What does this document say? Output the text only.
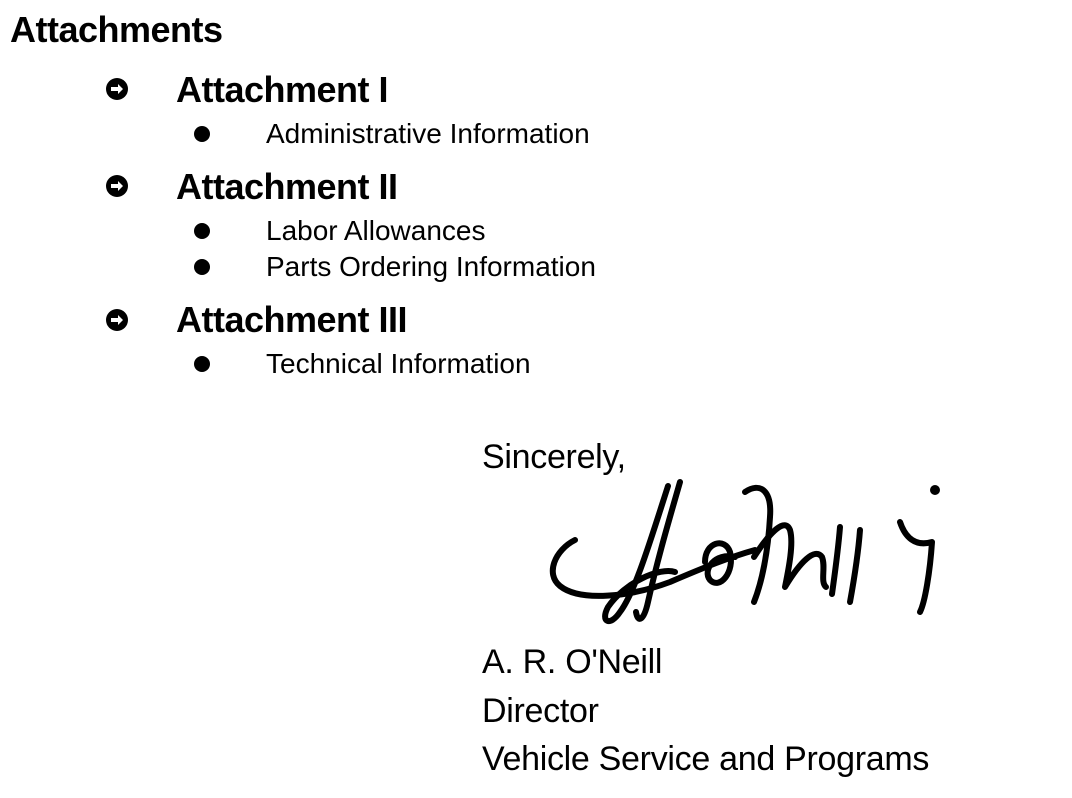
Attachments
Attachment I
Administrative Information
Attachment II
Labor Allowances
Parts Ordering Information
Attachment III
Technical Information
Sincerely,
A. R. O'Neill
Director
Vehicle Service and Programs
